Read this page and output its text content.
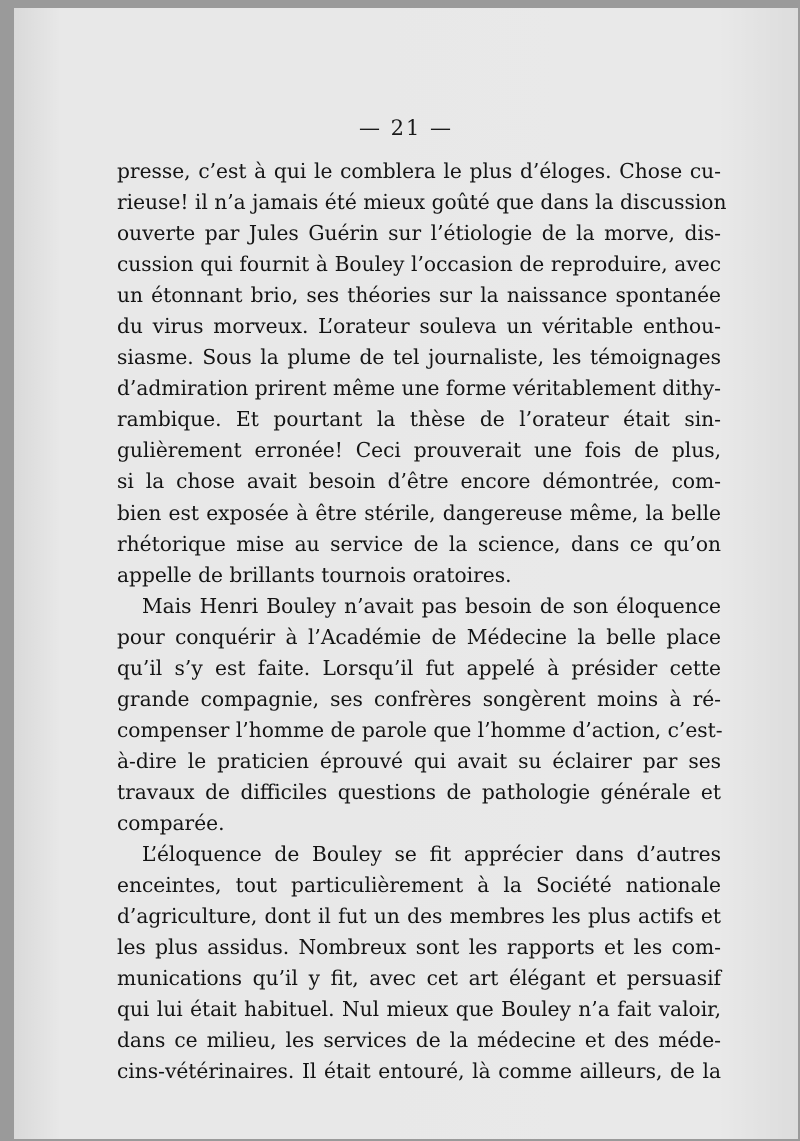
— 21 —
presse, c’est à qui le comblera le plus d’éloges. Chose cu-
rieuse! il n’a jamais été mieux goûté que dans la discussion
ouverte par Jules Guérin sur l’étiologie de la morve, dis-
cussion qui fournit à Bouley l’occasion de reproduire, avec
un étonnant brio, ses théories sur la naissance spontanée
du virus morveux. L’orateur souleva un véritable enthou-
siasme. Sous la plume de tel journaliste, les témoignages
d’admiration prirent même une forme véritablement dithy-
rambique. Et pourtant la thèse de l’orateur était sin-
gulièrement erronée! Ceci prouverait une fois de plus,
si la chose avait besoin d’être encore démontrée, com-
bien est exposée à être stérile, dangereuse même, la belle
rhétorique mise au service de la science, dans ce qu’on
appelle de brillants tournois oratoires.
Mais Henri Bouley n’avait pas besoin de son éloquence
pour conquérir à l’Académie de Médecine la belle place
qu’il s’y est faite. Lorsqu’il fut appelé à présider cette
grande compagnie, ses confrères songèrent moins à ré-
compenser l’homme de parole que l’homme d’action, c’est-
à-dire le praticien éprouvé qui avait su éclairer par ses
travaux de difficiles questions de pathologie générale et
comparée.
L’éloquence de Bouley se fit apprécier dans d’autres
enceintes, tout particulièrement à la Société nationale
d’agriculture, dont il fut un des membres les plus actifs et
les plus assidus. Nombreux sont les rapports et les com-
munications qu’il y fit, avec cet art élégant et persuasif
qui lui était habituel. Nul mieux que Bouley n’a fait valoir,
dans ce milieu, les services de la médecine et des méde-
cins-vétérinaires. Il était entouré, là comme ailleurs, de la
